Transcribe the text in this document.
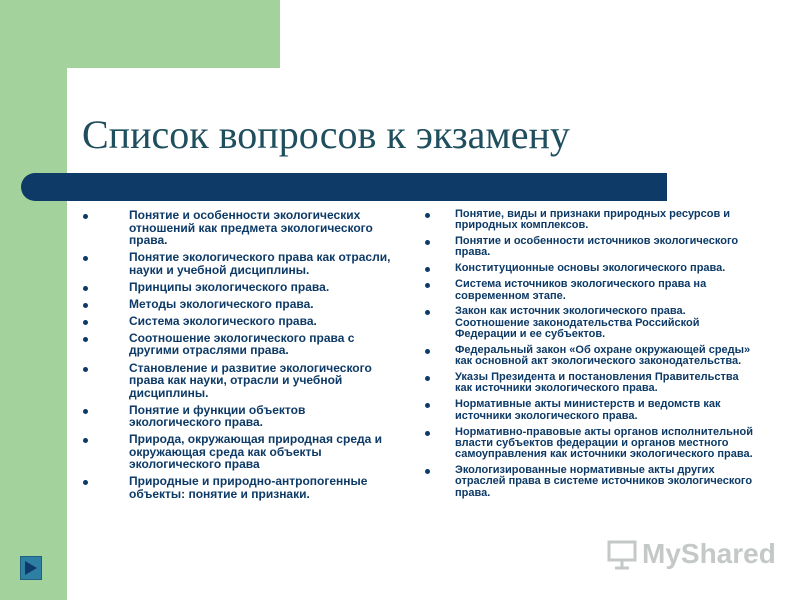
Список вопросов к экзамену
Понятие и особенности экологических отношений как предмета экологического права.
Понятие экологического права как отрасли, науки и учебной дисциплины.
Принципы экологического права.
Методы экологического права.
Система экологического права.
Соотношение экологического права с другими отраслями права.
Становление и развитие экологического права как науки, отрасли и учебной дисциплины.
Понятие и функции объектов экологического права.
Природа, окружающая природная среда и окружающая среда как объекты экологического права
Природные и природно-антропогенные объекты: понятие и признаки.
Понятие, виды и признаки природных ресурсов и природных комплексов.
Понятие и особенности источников экологического права.
Конституционные основы экологического права.
Система источников экологического права на современном этапе.
Закон как источник экологического права. Соотношение законодательства Российской Федерации и ее субъектов.
Федеральный закон «Об охране окружающей среды» как основной акт экологического законодательства.
Указы Президента и постановления Правительства как источники экологического права.
Нормативные акты министерств и ведомств как источники экологического права.
Нормативно-правовые акты органов исполнительной власти субъектов федерации и органов местного самоуправления как источники экологического права.
Экологизированные нормативные акты других отраслей права в системе источников экологического права.
MyShared
